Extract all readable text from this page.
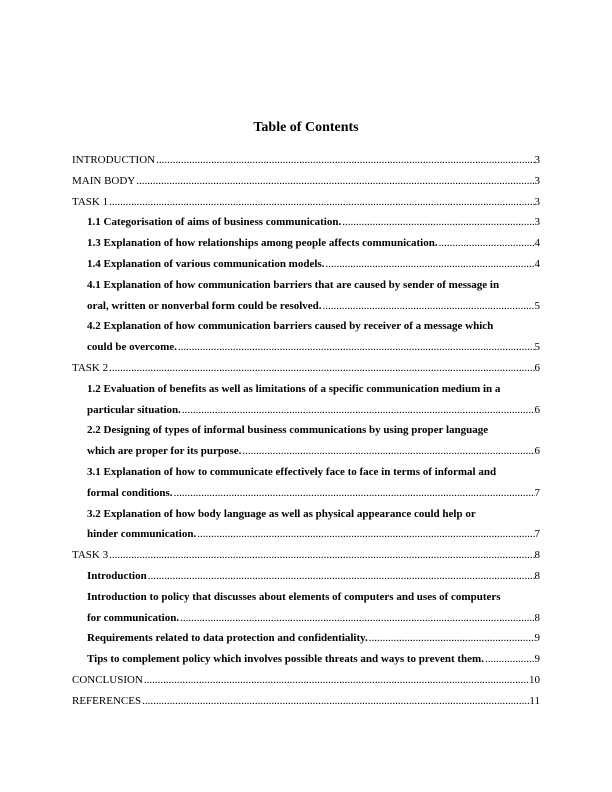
Table of Contents
INTRODUCTION .....	3
MAIN BODY .....	3
TASK 1 .....	3
1.1 Categorisation of aims of business communication. .....	3
1.3 Explanation of how relationships among people affects communication. .....	4
1.4 Explanation of various communication models. .....	4
4.1 Explanation of how communication barriers that are caused by sender of message in
oral, written or nonverbal form could be resolved. .....	5
4.2 Explanation of how communication barriers caused by receiver of a message which
could be overcome. .....	5
TASK 2 .....	6
1.2 Evaluation of benefits as well as limitations of a specific communication medium in a
particular situation. .....	6
2.2 Designing of types of informal business communications by using proper language
which are proper for its purpose. .....	6
3.1 Explanation of how to communicate effectively face to face in terms of informal and
formal conditions. .....	7
3.2 Explanation of how body language as well as physical appearance could help or
hinder communication. .....	7
TASK 3 .....	8
Introduction .....	8
Introduction to policy that discusses about elements of computers and uses of computers
for communication. .....	8
Requirements related to data protection and confidentiality. .....	9
Tips to complement policy which involves possible threats and ways to prevent them. .....	9
CONCLUSION .....	10
REFERENCES .....	11
